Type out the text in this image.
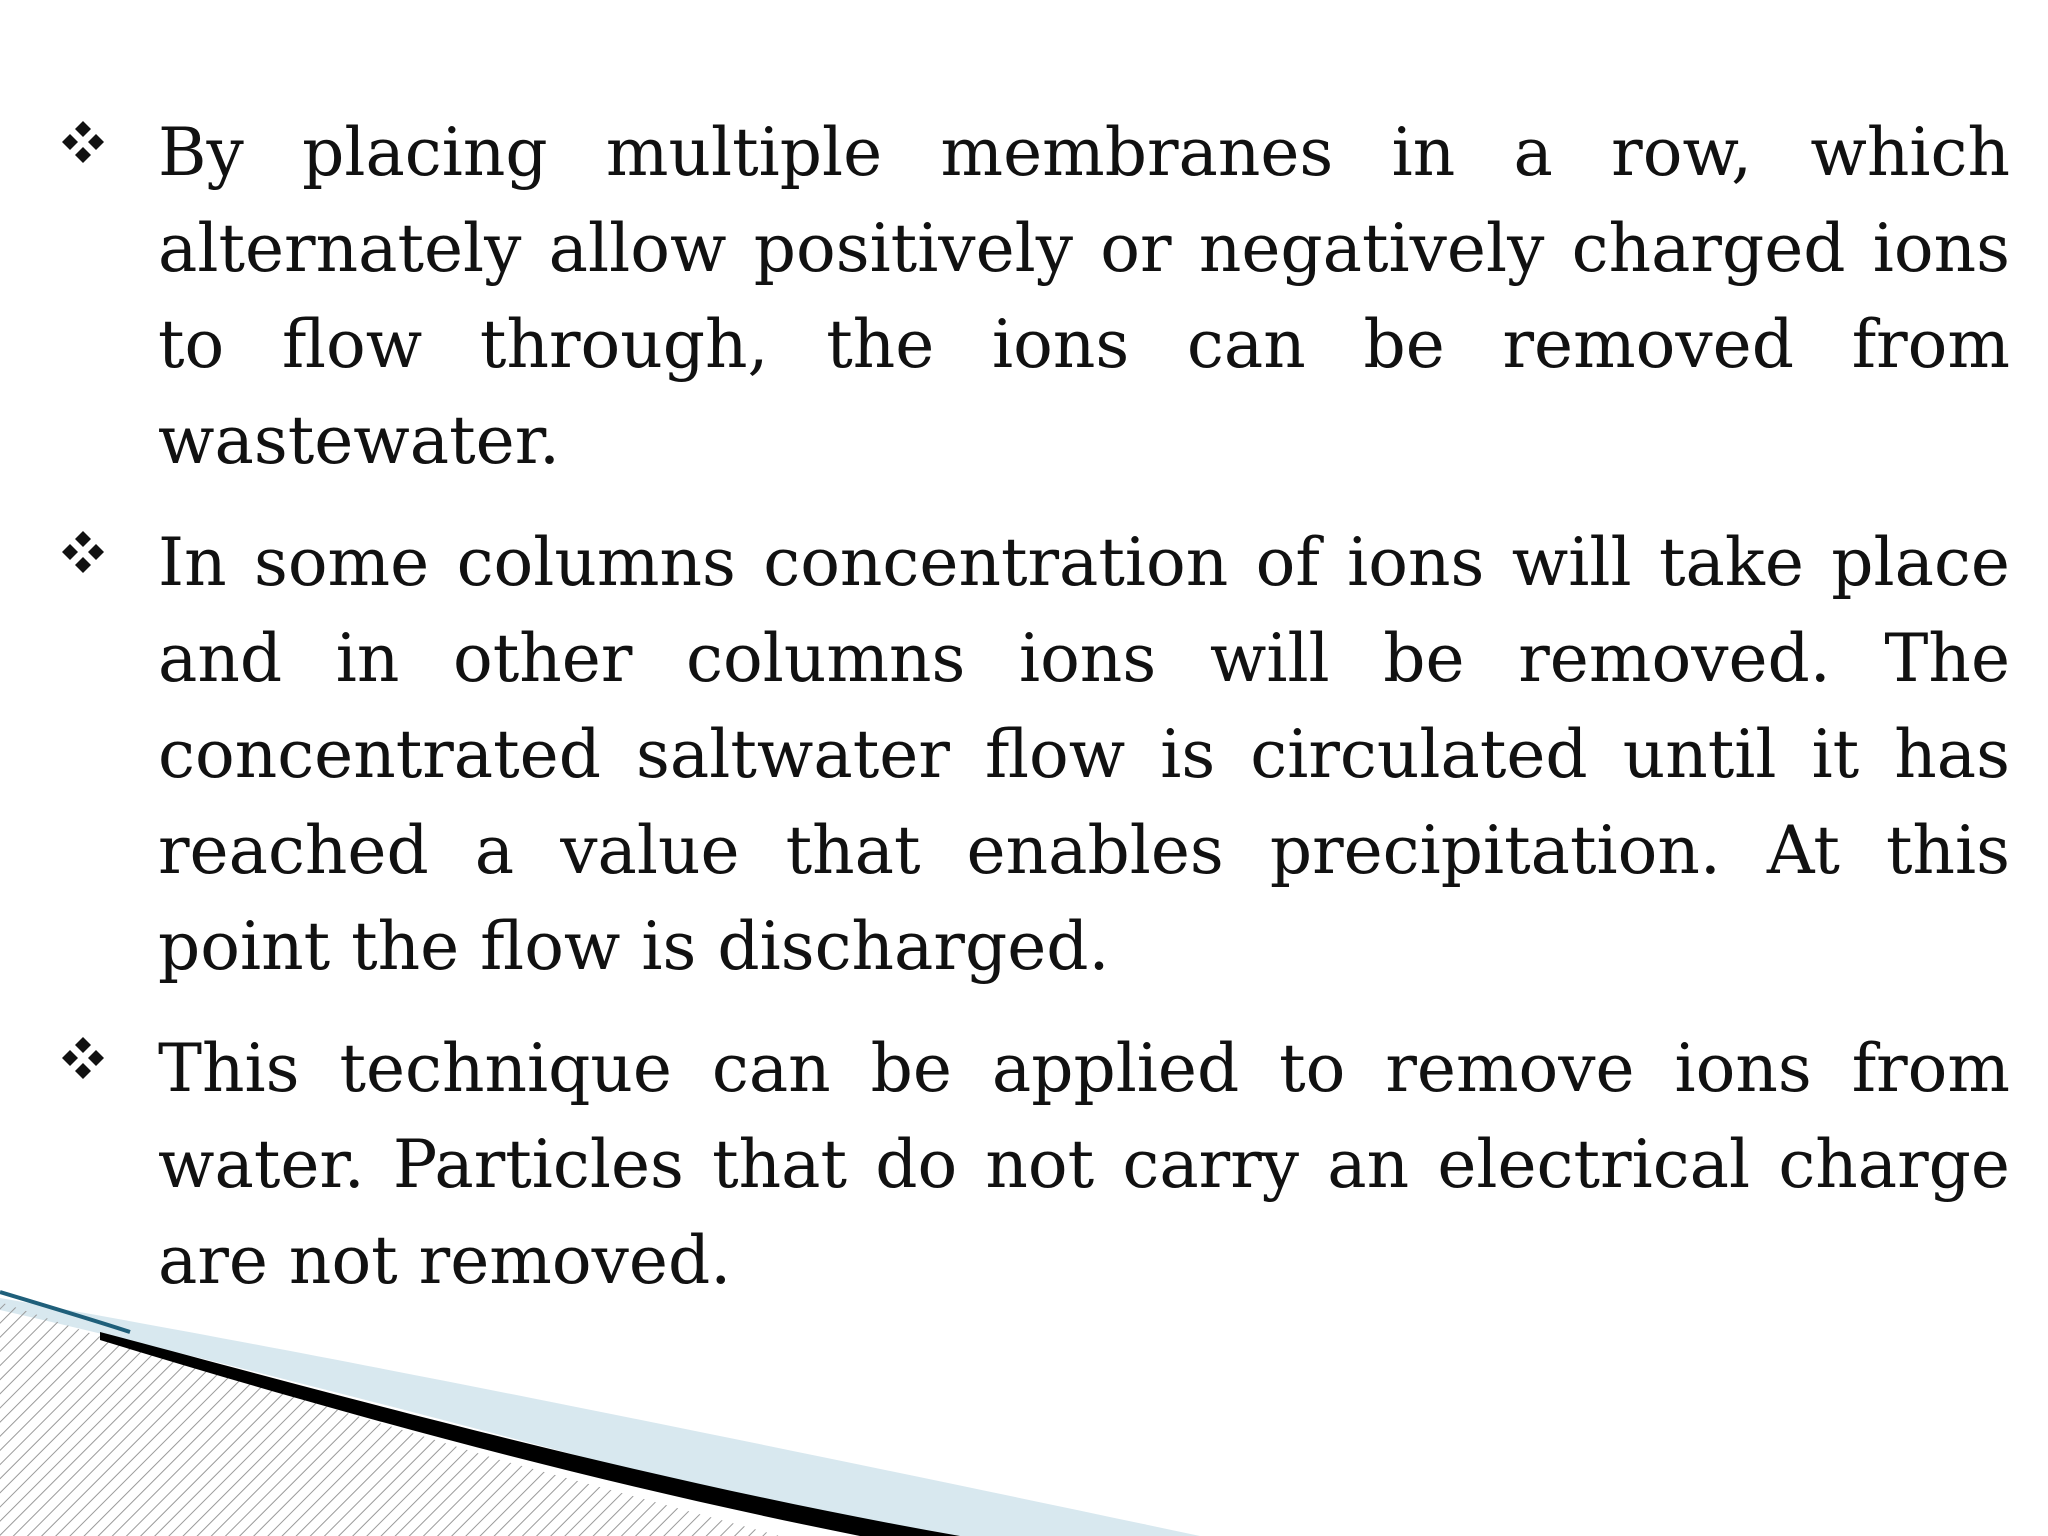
By placing multiple membranes in a row, which alternately allow positively or negatively charged ions to flow through, the ions can be removed from wastewater.
In some columns concentration of ions will take place and in other columns ions will be removed. The concentrated saltwater flow is circulated until it has reached a value that enables precipitation. At this point the flow is discharged.
This technique can be applied to remove ions from water. Particles that do not carry an electrical charge are not removed.
